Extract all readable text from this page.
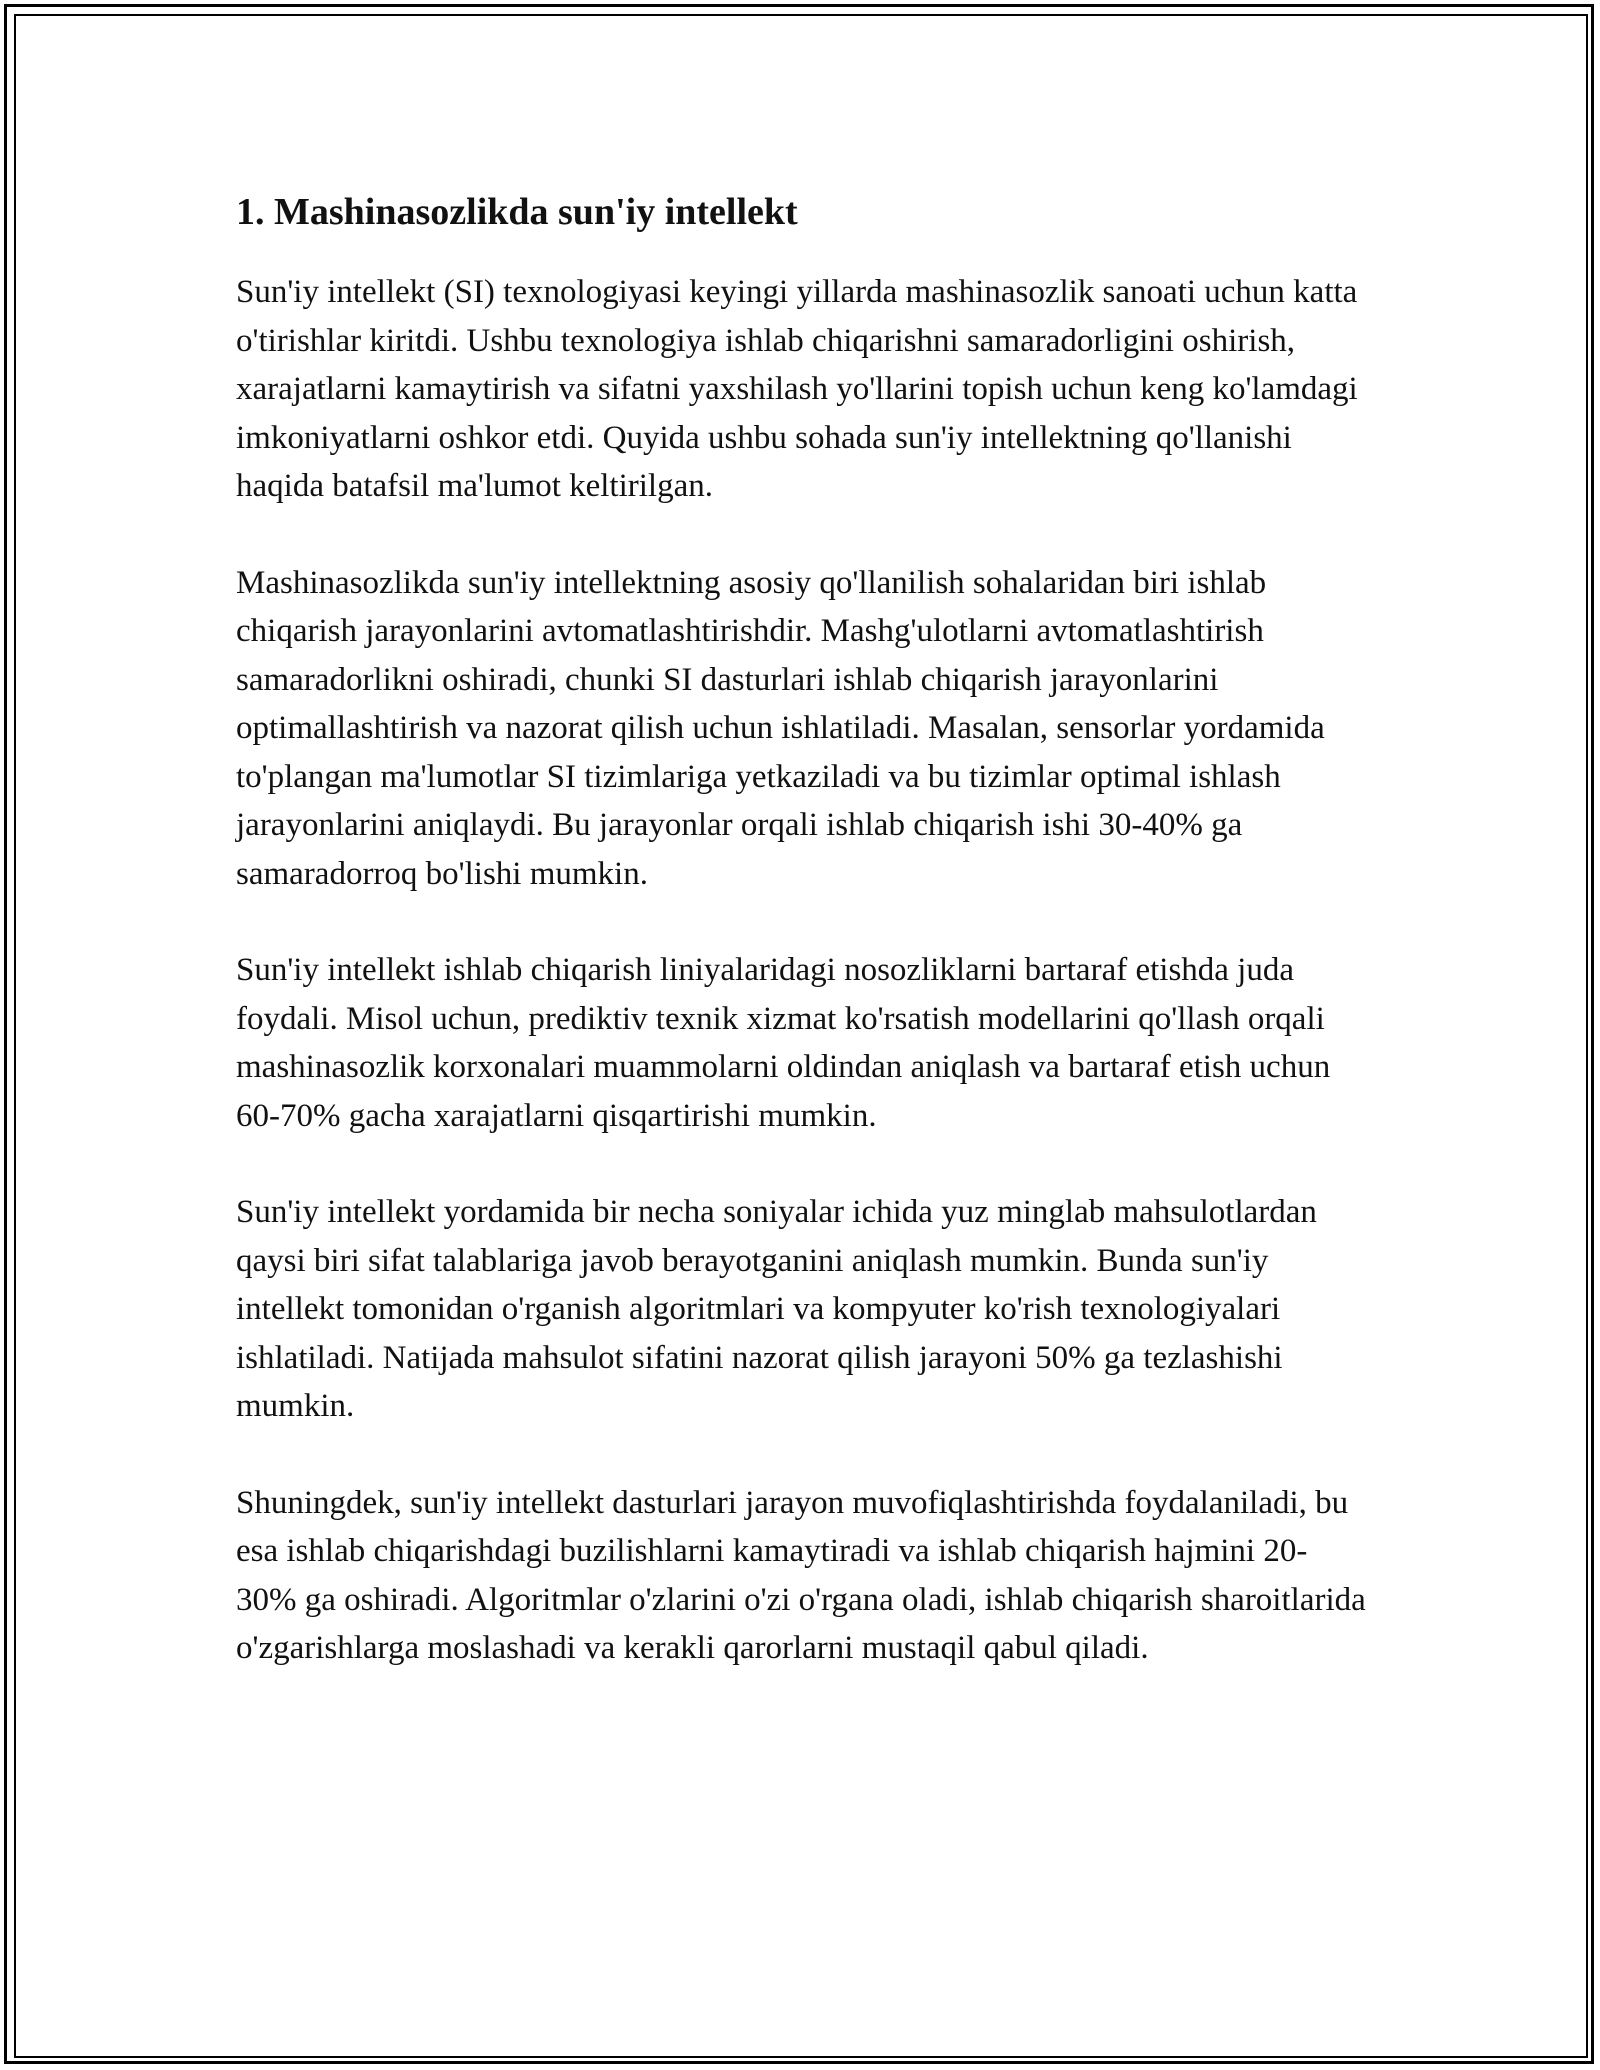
1. Mashinasozlikda sun'iy intellekt

Sun'iy intellekt (SI) texnologiyasi keyingi yillarda mashinasozlik sanoati uchun katta o'tirishlar kiritdi. Ushbu texnologiya ishlab chiqarishni samaradorligini oshirish, xarajatlarni kamaytirish va sifatni yaxshilash yo'llarini topish uchun keng ko'lamdagi imkoniyatlarni oshkor etdi. Quyida ushbu sohada sun'iy intellektning qo'llanishi haqida batafsil ma'lumot keltirilgan.

Mashinasozlikda sun'iy intellektning asosiy qo'llanilish sohalaridan biri ishlab chiqarish jarayonlarini avtomatlashtirishdir. Mashg'ulotlarni avtomatlashtirish samaradorlikni oshiradi, chunki SI dasturlari ishlab chiqarish jarayonlarini optimallashtirish va nazorat qilish uchun ishlatiladi. Masalan, sensorlar yordamida to'plangan ma'lumotlar SI tizimlariga yetkaziladi va bu tizimlar optimal ishlash jarayonlarini aniqlaydi. Bu jarayonlar orqali ishlab chiqarish ishi 30-40% ga samaradorroq bo'lishi mumkin.

Sun'iy intellekt ishlab chiqarish liniyalaridagi nosozliklarni bartaraf etishda juda foydali. Misol uchun, prediktiv texnik xizmat ko'rsatish modellarini qo'llash orqali mashinasozlik korxonalari muammolarni oldindan aniqlash va bartaraf etish uchun 60-70% gacha xarajatlarni qisqartirishi mumkin.

Sun'iy intellekt yordamida bir necha soniyalar ichida yuz minglab mahsulotlardan qaysi biri sifat talablariga javob berayotganini aniqlash mumkin. Bunda sun'iy intellekt tomonidan o'rganish algoritmlari va kompyuter ko'rish texnologiyalari ishlatiladi. Natijada mahsulot sifatini nazorat qilish jarayoni 50% ga tezlashishi mumkin.

Shuningdek, sun'iy intellekt dasturlari jarayon muvofiqlashtirishda foydalaniladi, bu esa ishlab chiqarishdagi buzilishlarni kamaytiradi va ishlab chiqarish hajmini 20-30% ga oshiradi. Algoritmlar o'zlarini o'zi o'rgana oladi, ishlab chiqarish sharoitlarida o'zgarishlarga moslashadi va kerakli qarorlarni mustaqil qabul qiladi.
